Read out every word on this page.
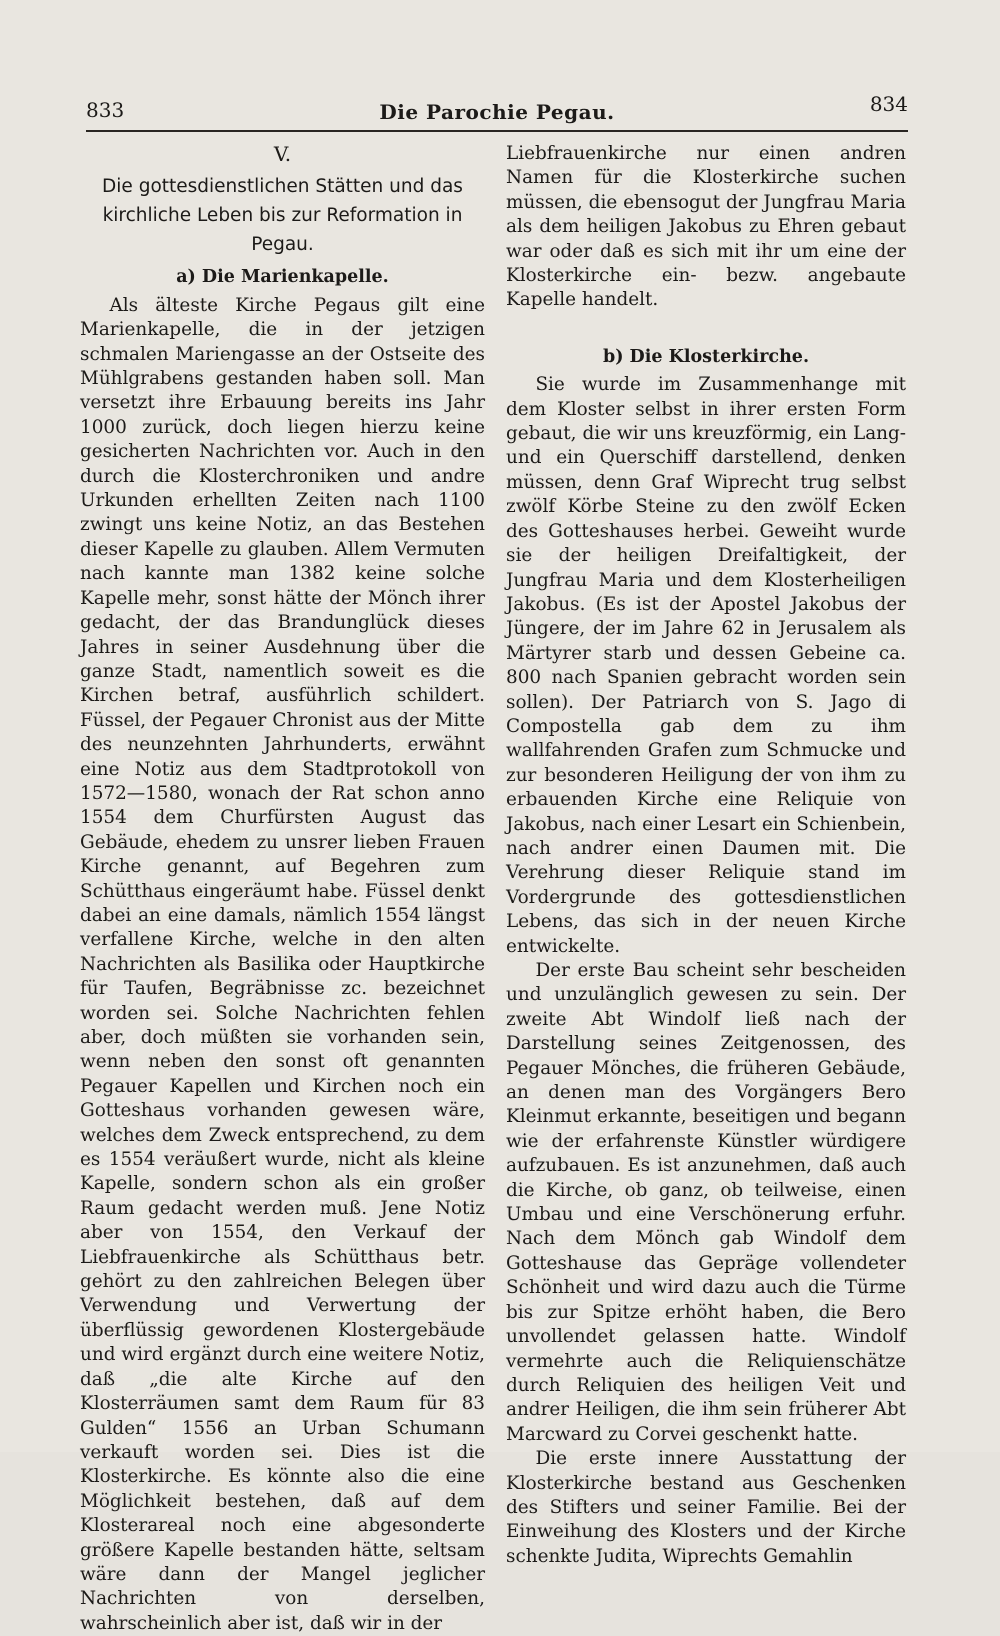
833	Die Parochie Pegau.	834
V.
Die gottesdienstlichen Stätten und das kirchliche Leben bis zur Reformation in Pegau.
a) Die Marienkapelle.

Als älteste Kirche Pegaus gilt eine Marienkapelle, die in der jetzigen schmalen Mariengasse an der Ostseite des Mühlgrabens gestanden haben soll. Man versetzt ihre Erbauung bereits ins Jahr 1000 zurück, doch liegen hierzu keine gesicherten Nachrichten vor. Auch in den durch die Klosterchroniken und andre Urkunden erhellten Zeiten nach 1100 zwingt uns keine Notiz, an das Bestehen dieser Kapelle zu glauben. Allem Vermuten nach kannte man 1382 keine solche Kapelle mehr, sonst hätte der Mönch ihrer gedacht, der das Brandunglück dieses Jahres in seiner Ausdehnung über die ganze Stadt, namentlich soweit es die Kirchen betraf, ausführlich schildert. Füssel, der Pegauer Chronist aus der Mitte des neunzehnten Jahrhunderts, erwähnt eine Notiz aus dem Stadtprotokoll von 1572—1580, wonach der Rat schon anno 1554 dem Churfürsten August das Gebäude, ehedem zu unsrer lieben Frauen Kirche genannt, auf Begehren zum Schütthaus eingeräumt habe. Füssel denkt dabei an eine damals, nämlich 1554 längst verfallene Kirche, welche in den alten Nachrichten als Basilika oder Hauptkirche für Taufen, Begräbnisse zc. bezeichnet worden sei. Solche Nachrichten fehlen aber, doch müßten sie vorhanden sein, wenn neben den sonst oft genannten Pegauer Kapellen und Kirchen noch ein Gotteshaus vorhanden gewesen wäre, welches dem Zweck entsprechend, zu dem es 1554 veräußert wurde, nicht als kleine Kapelle, sondern schon als ein großer Raum gedacht werden muß. Jene Notiz aber von 1554, den Verkauf der Liebfrauenkirche als Schütthaus betr. gehört zu den zahlreichen Belegen über Verwendung und Verwertung der überflüssig gewordenen Klostergebäude und wird ergänzt durch eine weitere Notiz, daß „die alte Kirche auf den Klosterräumen samt dem Raum für 83 Gulden“ 1556 an Urban Schumann verkauft worden sei. Dies ist die Klosterkirche. Es könnte also die eine Möglichkeit bestehen, daß auf dem Klosterareal noch eine abgesonderte größere Kapelle bestanden hätte, seltsam wäre dann der Mangel jeglicher Nachrichten von derselben, wahrscheinlich aber ist, daß wir in der

Liebfrauenkirche nur einen andren Namen für die Klosterkirche suchen müssen, die ebensogut der Jungfrau Maria als dem heiligen Jakobus zu Ehren gebaut war oder daß es sich mit ihr um eine der Klosterkirche ein- bezw. angebaute Kapelle handelt.

b) Die Klosterkirche.

Sie wurde im Zusammenhange mit dem Kloster selbst in ihrer ersten Form gebaut, die wir uns kreuzförmig, ein Lang- und ein Querschiff darstellend, denken müssen, denn Graf Wiprecht trug selbst zwölf Körbe Steine zu den zwölf Ecken des Gotteshauses herbei. Geweiht wurde sie der heiligen Dreifaltigkeit, der Jungfrau Maria und dem Klosterheiligen Jakobus. (Es ist der Apostel Jakobus der Jüngere, der im Jahre 62 in Jerusalem als Märtyrer starb und dessen Gebeine ca. 800 nach Spanien gebracht worden sein sollen). Der Patriarch von S. Jago di Compostella gab dem zu ihm wallfahrenden Grafen zum Schmucke und zur besonderen Heiligung der von ihm zu erbauenden Kirche eine Reliquie von Jakobus, nach einer Lesart ein Schienbein, nach andrer einen Daumen mit. Die Verehrung dieser Reliquie stand im Vordergrunde des gottesdienstlichen Lebens, das sich in der neuen Kirche entwickelte.

Der erste Bau scheint sehr bescheiden und unzulänglich gewesen zu sein. Der zweite Abt Windolf ließ nach der Darstellung seines Zeitgenossen, des Pegauer Mönches, die früheren Gebäude, an denen man des Vorgängers Bero Kleinmut erkannte, beseitigen und begann wie der erfahrenste Künstler würdigere aufzubauen. Es ist anzunehmen, daß auch die Kirche, ob ganz, ob teilweise, einen Umbau und eine Verschönerung erfuhr. Nach dem Mönch gab Windolf dem Gotteshause das Gepräge vollendeter Schönheit und wird dazu auch die Türme bis zur Spitze erhöht haben, die Bero unvollendet gelassen hatte. Windolf vermehrte auch die Reliquienschätze durch Reliquien des heiligen Veit und andrer Heiligen, die ihm sein früherer Abt Marcward zu Corvei geschenkt hatte.

Die erste innere Ausstattung der Klosterkirche bestand aus Geschenken des Stifters und seiner Familie. Bei der Einweihung des Klosters und der Kirche schenkte Judita, Wiprechts Gemahlin
